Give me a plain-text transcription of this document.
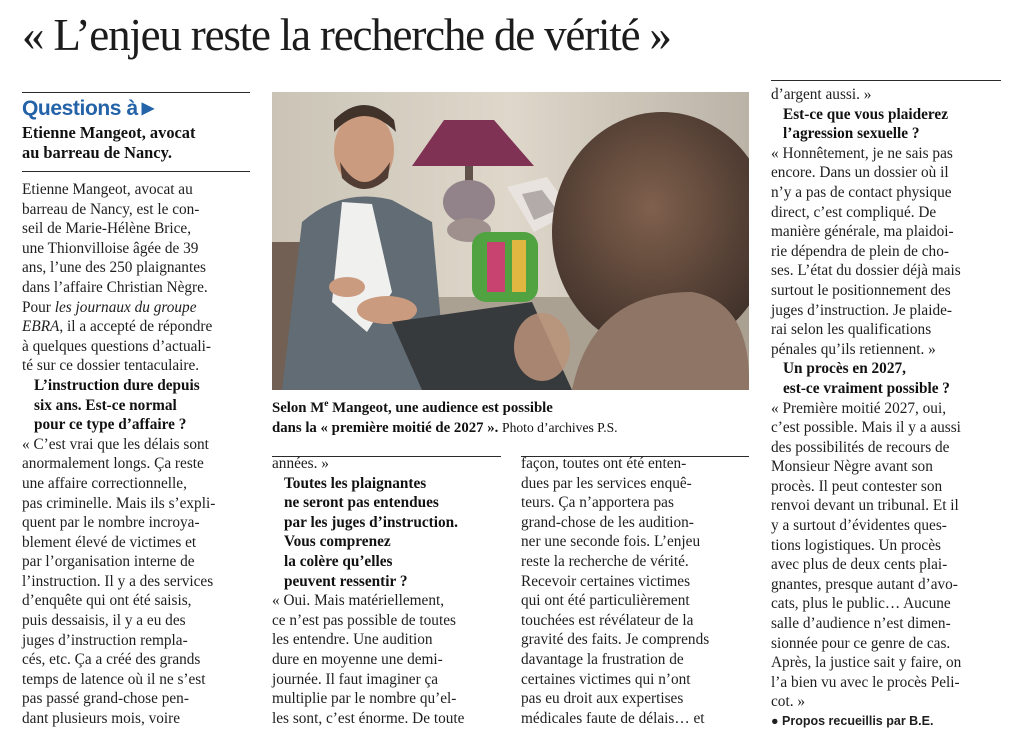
« L’enjeu reste la recherche de vérité »
Questions à ▶
Etienne Mangeot, avocat
au barreau de Nancy.
Etienne Mangeot, avocat au
barreau de Nancy, est le con-
seil de Marie-Hélène Brice,
une Thionvilloise âgée de 39
ans, l’une des 250 plaignantes
dans l’affaire Christian Nègre.
Pour les journaux du groupe
EBRA, il a accepté de répondre
à quelques questions d’actuali-
té sur ce dossier tentaculaire.
L’instruction dure depuis
six ans. Est-ce normal
pour ce type d’affaire ?
« C’est vrai que les délais sont
anormalement longs. Ça reste
une affaire correctionnelle,
pas criminelle. Mais ils s’expli-
quent par le nombre incroya-
blement élevé de victimes et
par l’organisation interne de
l’instruction. Il y a des services
d’enquête qui ont été saisis,
puis dessaisis, il y a eu des
juges d’instruction rempla-
cés, etc. Ça a créé des grands
temps de latence où il ne s’est
pas passé grand-chose pen-
dant plusieurs mois, voire
années. »
Toutes les plaignantes
ne seront pas entendues
par les juges d’instruction.
Vous comprenez
la colère qu’elles
peuvent ressentir ?
« Oui. Mais matériellement,
ce n’est pas possible de toutes
les entendre. Une audition
dure en moyenne une demi-
journée. Il faut imaginer ça
multiplie par le nombre qu’el-
les sont, c’est énorme. De toute
façon, toutes ont été enten-
dues par les services enquê-
teurs. Ça n’apportera pas
grand-chose de les audition-
ner une seconde fois. L’enjeu
reste la recherche de vérité.
Recevoir certaines victimes
qui ont été particulièrement
touchées est révélateur de la
gravité des faits. Je comprends
davantage la frustration de
certaines victimes qui n’ont
pas eu droit aux expertises
médicales faute de délais… et
d’argent aussi. »
Est-ce que vous plaiderez
l’agression sexuelle ?
« Honnêtement, je ne sais pas
encore. Dans un dossier où il
n’y a pas de contact physique
direct, c’est compliqué. De
manière générale, ma plaidoi-
rie dépendra de plein de cho-
ses. L’état du dossier déjà mais
surtout le positionnement des
juges d’instruction. Je plaide-
rai selon les qualifications
pénales qu’ils retiennent. »
Un procès en 2027,
est-ce vraiment possible ?
« Première moitié 2027, oui,
c’est possible. Mais il y a aussi
des possibilités de recours de
Monsieur Nègre avant son
procès. Il peut contester son
renvoi devant un tribunal. Et il
y a surtout d’évidentes ques-
tions logistiques. Un procès
avec plus de deux cents plai-
gnantes, presque autant d’avo-
cats, plus le public… Aucune
salle d’audience n’est dimen-
sionnée pour ce genre de cas.
Après, la justice sait y faire, on
l’a bien vu avec le procès Peli-
cot. »
● Propos recueillis par B.E.
Selon Me Mangeot, une audience est possible
dans la « première moitié de 2027 ». Photo d’archives P.S.
